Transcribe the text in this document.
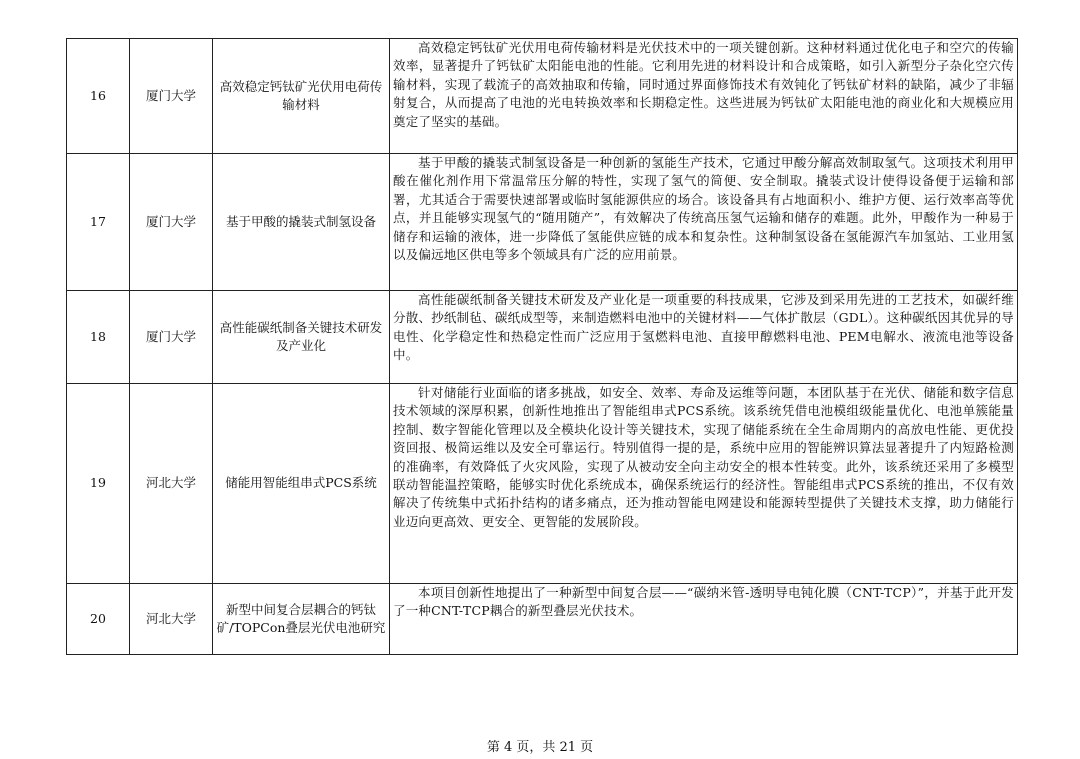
16	厦门大学	高效稳定钙钛矿光伏用电荷传输材料	高效稳定钙钛矿光伏用电荷传输材料是光伏技术中的一项关键创新。这种材料通过优化电子和空穴的传输效率，显著提升了钙钛矿太阳能电池的性能。它利用先进的材料设计和合成策略，如引入新型分子杂化空穴传输材料，实现了载流子的高效抽取和传输，同时通过界面修饰技术有效钝化了钙钛矿材料的缺陷，减少了非辐射复合，从而提高了电池的光电转换效率和长期稳定性。这些进展为钙钛矿太阳能电池的商业化和大规模应用奠定了坚实的基础。

17	厦门大学	基于甲酸的撬装式制氢设备	基于甲酸的撬装式制氢设备是一种创新的氢能生产技术，它通过甲酸分解高效制取氢气。这项技术利用甲酸在催化剂作用下常温常压分解的特性，实现了氢气的简便、安全制取。撬装式设计使得设备便于运输和部署，尤其适合于需要快速部署或临时氢能源供应的场合。该设备具有占地面积小、维护方便、运行效率高等优点，并且能够实现氢气的“随用随产”，有效解决了传统高压氢气运输和储存的难题。此外，甲酸作为一种易于储存和运输的液体，进一步降低了氢能供应链的成本和复杂性。这种制氢设备在氢能源汽车加氢站、工业用氢以及偏远地区供电等多个领域具有广泛的应用前景。

18	厦门大学	高性能碳纸制备关键技术研发及产业化	高性能碳纸制备关键技术研发及产业化是一项重要的科技成果，它涉及到采用先进的工艺技术，如碳纤维分散、抄纸制毡、碳纸成型等，来制造燃料电池中的关键材料——气体扩散层（GDL）。这种碳纸因其优异的导电性、化学稳定性和热稳定性而广泛应用于氢燃料电池、直接甲醇燃料电池、PEM电解水、液流电池等设备中。

19	河北大学	储能用智能组串式PCS系统	针对储能行业面临的诸多挑战，如安全、效率、寿命及运维等问题，本团队基于在光伏、储能和数字信息技术领域的深厚积累，创新性地推出了智能组串式PCS系统。该系统凭借电池模组级能量优化、电池单簇能量控制、数字智能化管理以及全模块化设计等关键技术，实现了储能系统在全生命周期内的高放电性能、更优投资回报、极简运维以及安全可靠运行。特别值得一提的是，系统中应用的智能辨识算法显著提升了内短路检测的准确率，有效降低了火灾风险，实现了从被动安全向主动安全的根本性转变。此外，该系统还采用了多模型联动智能温控策略，能够实时优化系统成本，确保系统运行的经济性。智能组串式PCS系统的推出，不仅有效解决了传统集中式拓扑结构的诸多痛点，还为推动智能电网建设和能源转型提供了关键技术支撑，助力储能行业迈向更高效、更安全、更智能的发展阶段。

20	河北大学	新型中间复合层耦合的钙钛矿/TOPCon叠层光伏电池研究	本项目创新性地提出了一种新型中间复合层——“碳纳米管-透明导电钝化膜（CNT-TCP）”，并基于此开发了一种CNT-TCP耦合的新型叠层光伏技术。

第 4 页，共 21 页
